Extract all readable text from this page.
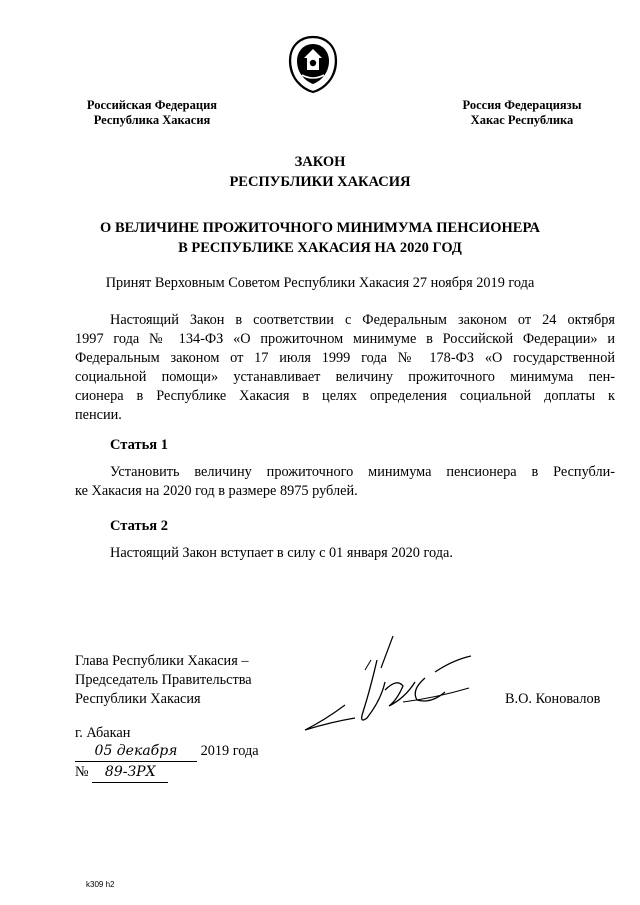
Российская Федерация
Республика Хакасия
Россия Федерациязы
Хакас Республика
ЗАКОН
РЕСПУБЛИКИ ХАКАСИЯ
О ВЕЛИЧИНЕ ПРОЖИТОЧНОГО МИНИМУМА ПЕНСИОНЕРА
В РЕСПУБЛИКЕ ХАКАСИЯ НА 2020 ГОД
Принят Верховным Советом Республики Хакасия 27 ноября 2019 года
Настоящий Закон в соответствии с Федеральным законом от 24 октября
1997 года № 134-ФЗ «О прожиточном минимуме в Российской Федерации» и
Федеральным законом от 17 июля 1999 года № 178-ФЗ «О государственной
социальной помощи» устанавливает величину прожиточного минимума пен-
сионера в Республике Хакасия в целях определения социальной доплаты к
пенсии.
Статья 1
Установить величину прожиточного минимума пенсионера в Республи-
ке Хакасия на 2020 год в размере 8975 рублей.
Статья 2
Настоящий Закон вступает в силу с 01 января 2020 года.
Глава Республики Хакасия –
Председатель Правительства
Республики Хакасия	В.О. Коновалов
г. Абакан
05 декабря 2019 года
№ 89-ЗРХ
k309 h2
